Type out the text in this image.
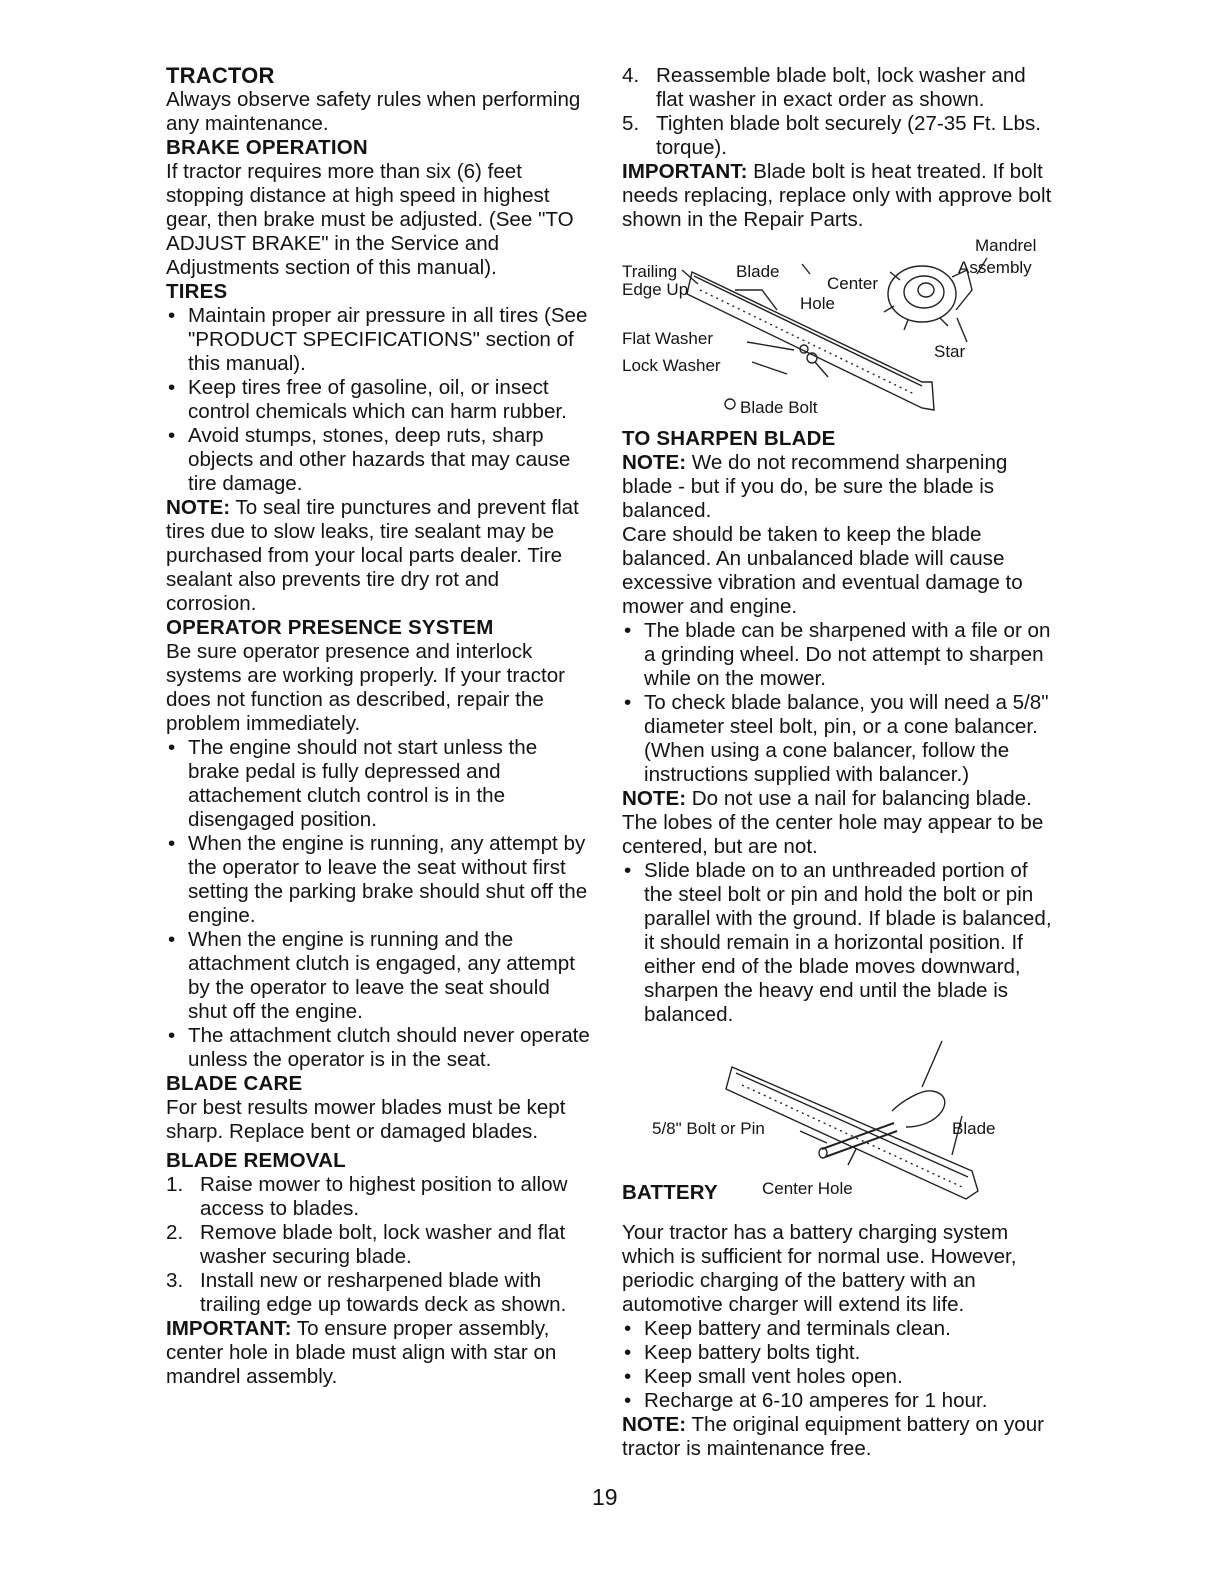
TRACTOR

Always observe safety rules when performing any maintenance.

BRAKE OPERATION

If tractor requires more than six (6) feet stopping distance at high speed in highest gear, then brake must be adjusted. (See "TO ADJUST BRAKE" in the Service and Adjustments section of this manual).

TIRES

• Maintain proper air pressure in all tires (See "PRODUCT SPECIFICATIONS" section of this manual).

• Keep tires free of gasoline, oil, or insect control chemicals which can harm rubber.

• Avoid stumps, stones, deep ruts, sharp objects and other hazards that may cause tire damage.

NOTE: To seal tire punctures and prevent flat tires due to slow leaks, tire sealant may be purchased from your local parts dealer. Tire sealant also prevents tire dry rot and corrosion.

OPERATOR PRESENCE SYSTEM

Be sure operator presence and interlock systems are working properly. If your tractor does not function as described, repair the problem immediately.

• The engine should not start unless the brake pedal is fully depressed and attachement clutch control is in the disengaged position.

• When the engine is running, any attempt by the operator to leave the seat without first setting the parking brake should shut off the engine.

• When the engine is running and the attachment clutch is engaged, any attempt by the operator to leave the seat should shut off the engine.

• The attachment clutch should never operate unless the operator is in the seat.

BLADE CARE

For best results mower blades must be kept sharp. Replace bent or damaged blades.

BLADE REMOVAL

1. Raise mower to highest position to allow access to blades.

2. Remove blade bolt, lock washer and flat washer securing blade.

3. Install new or resharpened blade with trailing edge up towards deck as shown.

IMPORTANT: To ensure proper assembly, center hole in blade must align with star on mandrel assembly.

4. Reassemble blade bolt, lock washer and flat washer in exact order as shown.

5. Tighten blade bolt securely (27-35 Ft. Lbs. torque).

IMPORTANT: Blade bolt is heat treated. If bolt needs replacing, replace only with approve bolt shown in the Repair Parts.

Mandrel
Assembly
Trailing
Edge Up
Blade
Center
Hole
Flat Washer
Star
Lock Washer
Blade Bolt

TO SHARPEN BLADE

NOTE: We do not recommend sharpening blade - but if you do, be sure the blade is balanced.

Care should be taken to keep the blade balanced. An unbalanced blade will cause excessive vibration and eventual damage to mower and engine.

• The blade can be sharpened with a file or on a grinding wheel. Do not attempt to sharpen while on the mower.

• To check blade balance, you will need a 5/8" diameter steel bolt, pin, or a cone balancer. (When using a cone balancer, follow the instructions supplied with balancer.)

NOTE: Do not use a nail for balancing blade. The lobes of the center hole may appear to be centered, but are not.

• Slide blade on to an unthreaded portion of the steel bolt or pin and hold the bolt or pin parallel with the ground. If blade is balanced, it should remain in a horizontal position. If either end of the blade moves downward, sharpen the heavy end until the blade is balanced.

5/8" Bolt or Pin	Blade
Center Hole
BATTERY

Your tractor has a battery charging system which is sufficient for normal use. However, periodic charging of the battery with an automotive charger will extend its life.

• Keep battery and terminals clean.

• Keep battery bolts tight.

• Keep small vent holes open.

• Recharge at 6-10 amperes for 1 hour.

NOTE: The original equipment battery on your tractor is maintenance free.

19
